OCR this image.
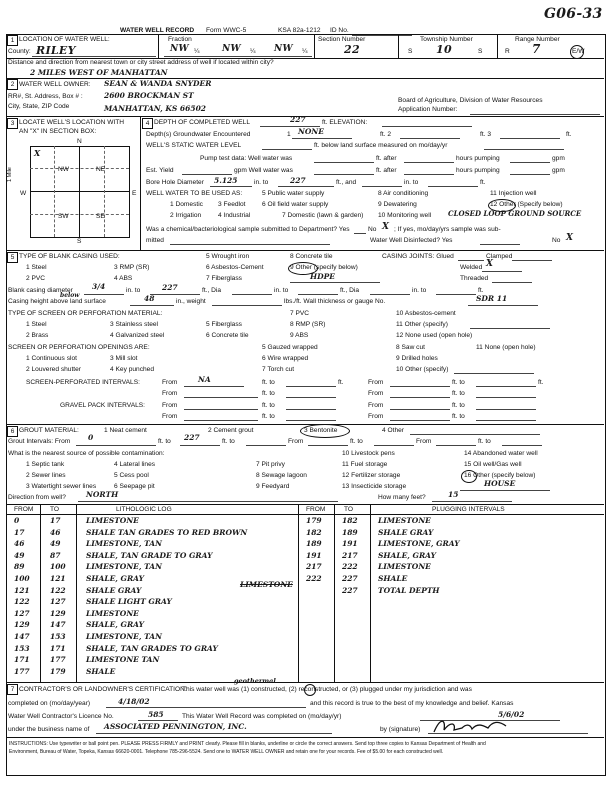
G06-33
WATER WELL RECORD Form WWC-5	KSA 82a-1212 ID No.
1 LOCATION OF WATER WELL:	Fraction	Section Number	Township Number	Range Number
County: RILEY	NW ¼	NW ¼ NW ¼	22	S 10	S	R 7	E/W
Distance and direction from nearest town or city street address of well if located within city?
2 MILES WEST OF MANHATTAN
2 WATER WELL OWNER: SEAN & WANDA SNYDER
RR#, St. Address, Box # :	2600 BROCKMAN ST
City, State, ZIP Code	MANHATTAN, KS 66502
Board of Agriculture, Division of Water Resources
Application Number:
3 LOCATE WELL'S LOCATION WITH
AN "X" IN SECTION BOX:
N
S
W	E
1 Mile	NW	NE
SW	SE
X
4 DEPTH OF COMPLETED WELL	227 ft. ELEVATION:
Depth(s) Groundwater Encountered	1 NONE	ft. 2	ft. 3	ft.
WELL'S STATIC WATER LEVEL	ft. below land surface measured on mo/day/yr
Pump test data: Well water was	ft. after	hours pumping	gpm
Est. Yield	gpm Well water was	ft. after	hours pumping	gpm
Bore Hole Diameter 5.125	in. to	227	ft., and	in. to	ft.
WELL WATER TO BE USED AS:	5 Public water supply	8 Air conditioning	11 Injection well
1 Domestic 3 Feedlot	6 Oil field water supply	9 Dewatering	12 Other (Specify below)
2 Irrigation	4 Industrial	7 Domestic (lawn & garden) 10 Monitoring well CLOSED LOOP GROUND SOURCE
Was a chemical/bacteriological sample submitted to Department? Yes	No X ; If yes, mo/day/yrs sample was sub-
mitted	Water Well Disinfected? Yes	No X
5 TYPE OF BLANK CASING USED:	5 Wrought iron	8 Concrete tile	CASING JOINTS: Glued	Clamped
1 Steel	3 RMP (SR)	6 Asbestos-Cement	9 Other (specify below)	Welded X
2 PVC	4 ABS	7 Fiberglass	HDPE	Threaded
Blank casing diameter	3/4	in. to	227	ft., Dia	in. to	ft., Dia	in. to	ft.
below
Casing height above land surface	48	in., weight	lbs./ft. Wall thickness or gauge No.	SDR 11
TYPE OF SCREEN OR PERFORATION MATERIAL:	7 PVC	10 Asbestos-cement
1 Steel	3 Stainless steel	5 Fiberglass	8 RMP (SR)	11 Other (specify)
2 Brass	4 Galvanized steel	6 Concrete tile	9 ABS	12 None used (open hole)
SCREEN OR PERFORATION OPENINGS ARE:	5 Gauzed wrapped	8 Saw cut	11 None (open hole)
1 Continuous slot	3 Mill slot	6 Wire wrapped	9 Drilled holes
2 Louvered shutter	4 Key punched	7 Torch cut	10 Other (specify)
SCREEN-PERFORATED INTERVALS:	From	NA	ft. to	ft.	From	ft. to	ft.
From	ft. to	From	ft. to
GRAVEL PACK INTERVALS:	From	ft. to	From	ft. to
From	ft. to	From	ft. to
6 GROUT MATERIAL:	1 Neat cement	2 Cement grout	3 Bentonite	4 Other
Grout Intervals: From 0	ft. to 227	ft. to	From	ft. to	From	ft. to
What is the nearest source of possible contamination:	10 Livestock pens	14 Abandoned water well
1 Septic tank	4 Lateral lines	7 Pit privy	11 Fuel storage	15 Oil well/Gas well
2 Sewer lines	5 Cess pool	8 Sewage lagoon	12 Fertilizer storage	16 Other (specify below)
3 Watertight sewer lines	6 Seepage pit	9 Feedyard	13 Insecticide storage	HOUSE
Direction from well?	NORTH	How many feet?	15
FROM	TO	LITHOLOGIC LOG	FROM	TO	PLUGGING INTERVALS
0	17	LIMESTONE
17	46	SHALE TAN GRADES TO RED BROWN
46	49	LIMESTONE, TAN
49	87	SHALE, TAN GRADE TO GRAY
89	100	LIMESTONE, TAN
100	121	SHALE, GRAY
121	122	SHALE GRAY
122	127	SHALE LIGHT GRAY
127	129	LIMESTONE
129	147	SHALE, GRAY
147	153	LIMESTONE, TAN
153	171	SHALE, TAN GRADES TO GRAY
171	177	LIMESTONE TAN
177	179	SHALE
179	182	LIMESTONE
182	189	SHALE GRAY
189	191	LIMESTONE, GRAY
191	217	SHALE, GRAY
217	222	LIMESTONE
222	227	SHALE
227	TOTAL DEPTH
LIMESTONE
7 CONTRACTOR'S OR LANDOWNER'S CERTIFICATION:
This water well was (1) constructed, (2) reconstructed, or (3) plugged under my jurisdiction and was
geothermal
completed on (mo/day/year)	4/18/02	and this record is true to the best of my knowledge and belief. Kansas
Water Well Contractor's Licence No.	585	This Water Well Record was completed on (mo/day/yr)	5/6/02
under the business name of ASSOCIATED PENNINGTON, INC.	by (signature)
INSTRUCTIONS: Use typewriter or ball point pen. PLEASE PRESS FIRMLY and PRINT clearly. Please fill in blanks, underline or circle the correct answers. Send top three copies to Kansas Department of Health and
Environment, Bureau of Water, Topeka, Kansas 66620-0001. Telephone 785-296-5524. Send one to WATER WELL OWNER and retain one for your records. Fee of $5.00 for each constructed well.
